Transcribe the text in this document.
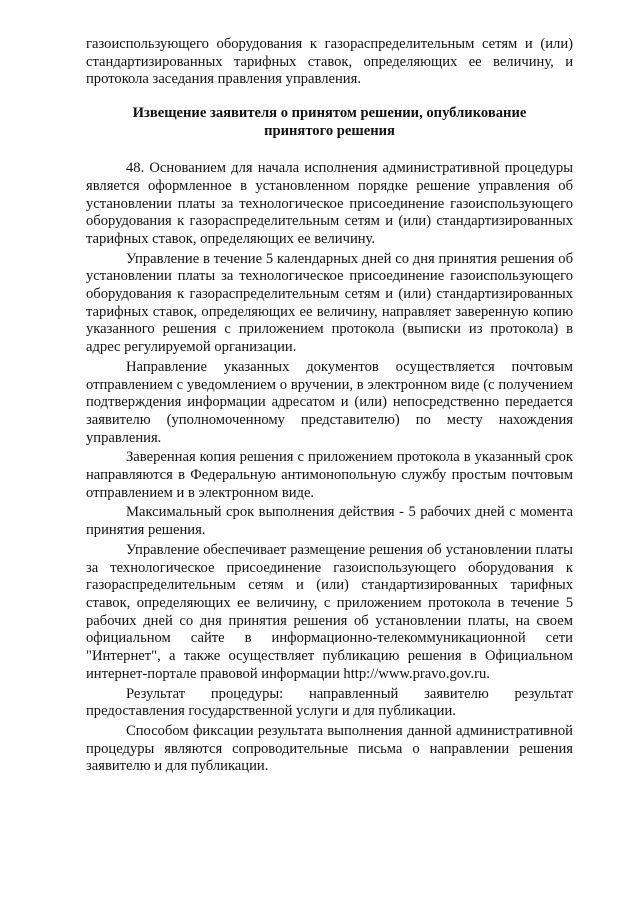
газоиспользующего оборудования к газораспределительным сетям и (или) стандартизированных тарифных ставок, определяющих ее величину, и протокола заседания правления управления.

Извещение заявителя о принятом решении, опубликование
принятого решения

48. Основанием для начала исполнения административной процедуры является оформленное в установленном порядке решение управления об установлении платы за технологическое присоединение газоиспользующего оборудования к газораспределительным сетям и (или) стандартизированных тарифных ставок, определяющих ее величину.

Управление в течение 5 календарных дней со дня принятия решения об установлении платы за технологическое присоединение газоиспользующего оборудования к газораспределительным сетям и (или) стандартизированных тарифных ставок, определяющих ее величину, направляет заверенную копию указанного решения с приложением протокола (выписки из протокола) в адрес регулируемой организации.

Направление указанных документов осуществляется почтовым отправлением с уведомлением о вручении, в электронном виде (с получением подтверждения информации адресатом и (или) непосредственно передается заявителю (уполномоченному представителю) по месту нахождения управления.

Заверенная копия решения с приложением протокола в указанный срок направляются в Федеральную антимонопольную службу простым почтовым отправлением и в электронном виде.

Максимальный срок выполнения действия - 5 рабочих дней с момента принятия решения.

Управление обеспечивает размещение решения об установлении платы за технологическое присоединение газоиспользующего оборудования к газораспределительным сетям и (или) стандартизированных тарифных ставок, определяющих ее величину, с приложением протокола в течение 5 рабочих дней со дня принятия решения об установлении платы, на своем официальном сайте в информационно-телекоммуникационной сети "Интернет", а также осуществляет публикацию решения в Официальном интернет-портале правовой информации http://www.pravo.gov.ru.

Результат процедуры: направленный заявителю результат предоставления государственной услуги и для публикации.

Способом фиксации результата выполнения данной административной процедуры являются сопроводительные письма о направлении решения заявителю и для публикации.
